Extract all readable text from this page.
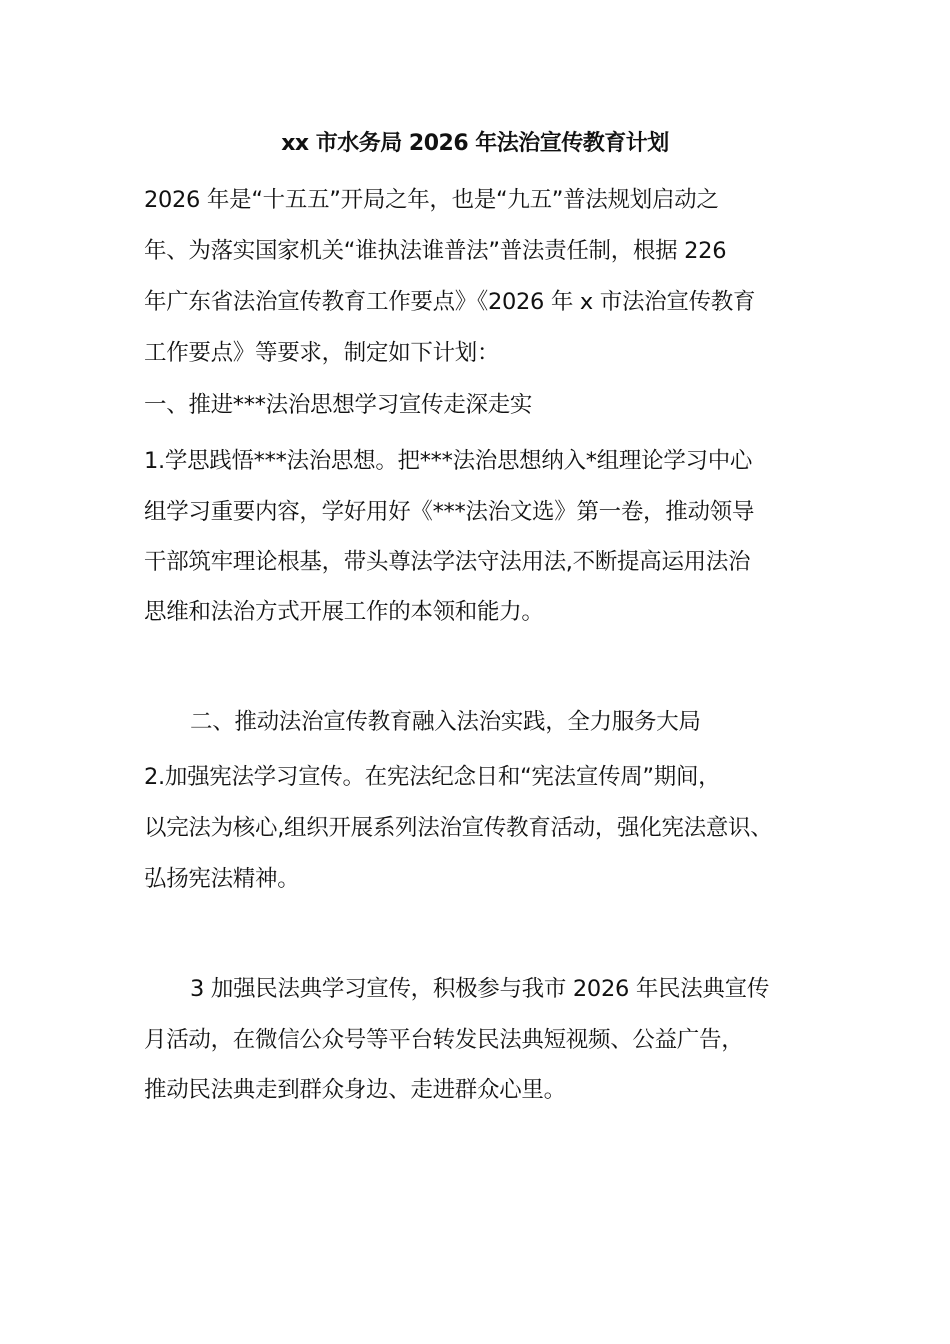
xx 市水务局 2026 年法治宣传教育计划
2026 年是“十五五”开局之年，也是“九五”普法规划启动之
年、为落实国家机关“谁执法谁普法”普法责任制，根据 226
年广东省法治宣传教育工作要点》《2026 年 x 市法治宣传教育
工作要点》等要求，制定如下计划：
一、推进***法治思想学习宣传走深走实
1.学思践悟***法治思想。把***法治思想纳入*组理论学习中心
组学习重要内容，学好用好《***法治文选》第一卷，推动领导
干部筑牢理论根基，带头尊法学法守法用法,不断提高运用法治
思维和法治方式开展工作的本领和能力。
二、推动法治宣传教育融入法治实践，全力服务大局
2.加强宪法学习宣传。在宪法纪念日和“宪法宣传周”期间，
以完法为核心,组织开展系列法治宣传教育活动，强化宪法意识、
弘扬宪法精神。
3 加强民法典学习宣传，积极参与我市 2026 年民法典宣传
月活动，在微信公众号等平台转发民法典短视频、公益广告，
推动民法典走到群众身边、走进群众心里。
